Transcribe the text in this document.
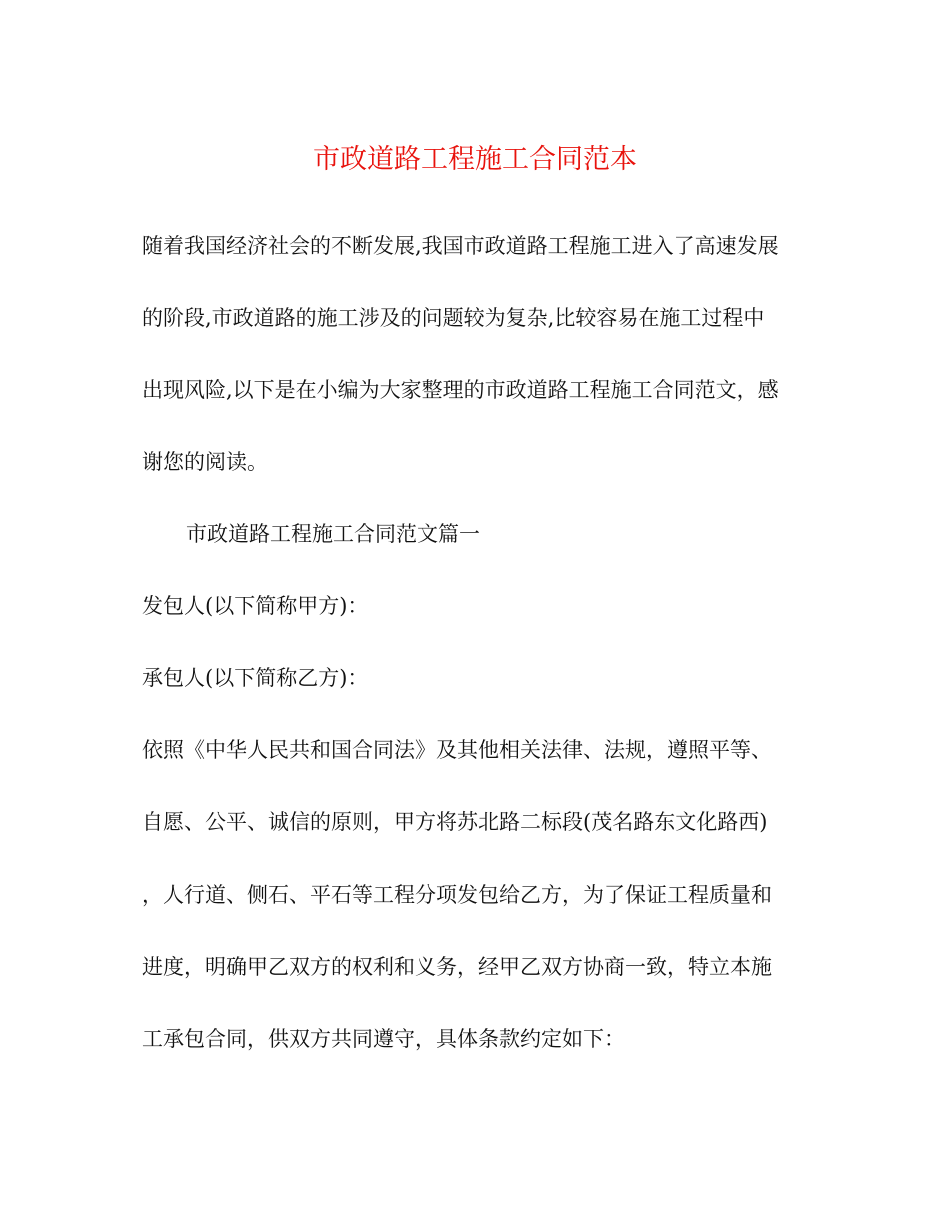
市政道路工程施工合同范本

随着我国经济社会的不断发展,我国市政道路工程施工进入了高速发展

的阶段,市政道路的施工涉及的问题较为复杂,比较容易在施工过程中

出现风险,以下是在小编为大家整理的市政道路工程施工合同范文，感

谢您的阅读。

市政道路工程施工合同范文篇一

发包人(以下简称甲方)：

承包人(以下简称乙方)：

依照《中华人民共和国合同法》及其他相关法律、法规，遵照平等、

自愿、公平、诚信的原则，甲方将苏北路二标段(茂名路东文化路西)

，人行道、侧石、平石等工程分项发包给乙方，为了保证工程质量和

进度，明确甲乙双方的权利和义务，经甲乙双方协商一致，特立本施

工承包合同，供双方共同遵守，具体条款约定如下：
